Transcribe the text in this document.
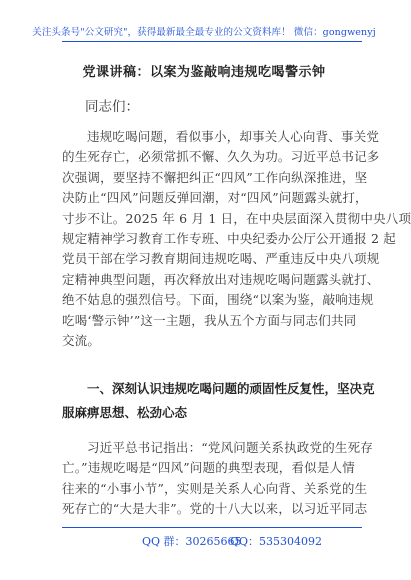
关注头条号"公文研究"，获得最新最全最专业的公文资料库！ 微信：gongwenyj
党课讲稿：以案为鉴敲响违规吃喝警示钟
同志们：
违规吃喝问题，看似事小，却事关人心向背、事关党
的生死存亡，必须常抓不懈、久久为功。习近平总书记多
次强调，要坚持不懈把纠正“四风”工作向纵深推进，坚
决防止“四风”问题反弹回潮，对“四风”问题露头就打，
寸步不让。2025 年 6 月 1 日，在中央层面深入贯彻中央八项
规定精神学习教育工作专班、中央纪委办公厅公开通报 2 起
党员干部在学习教育期间违规吃喝、严重违反中央八项规
定精神典型问题，再次释放出对违规吃喝问题露头就打、
绝不姑息的强烈信号。下面，围绕“以案为鉴，敲响违规
吃喝‘警示钟’”这一主题，我从五个方面与同志们共同
交流。
一、深刻认识违规吃喝问题的顽固性反复性，坚决克
服麻痹思想、松劲心态
习近平总书记指出：“党风问题关系执政党的生死存
亡。”违规吃喝是“四风”问题的典型表现，看似是人情
往来的“小事小节”，实则是关系人心向背、关系党的生
死存亡的“大是大非”。党的十八大以来，以习近平同志
QQ 群：30265665
QQ：535304092
